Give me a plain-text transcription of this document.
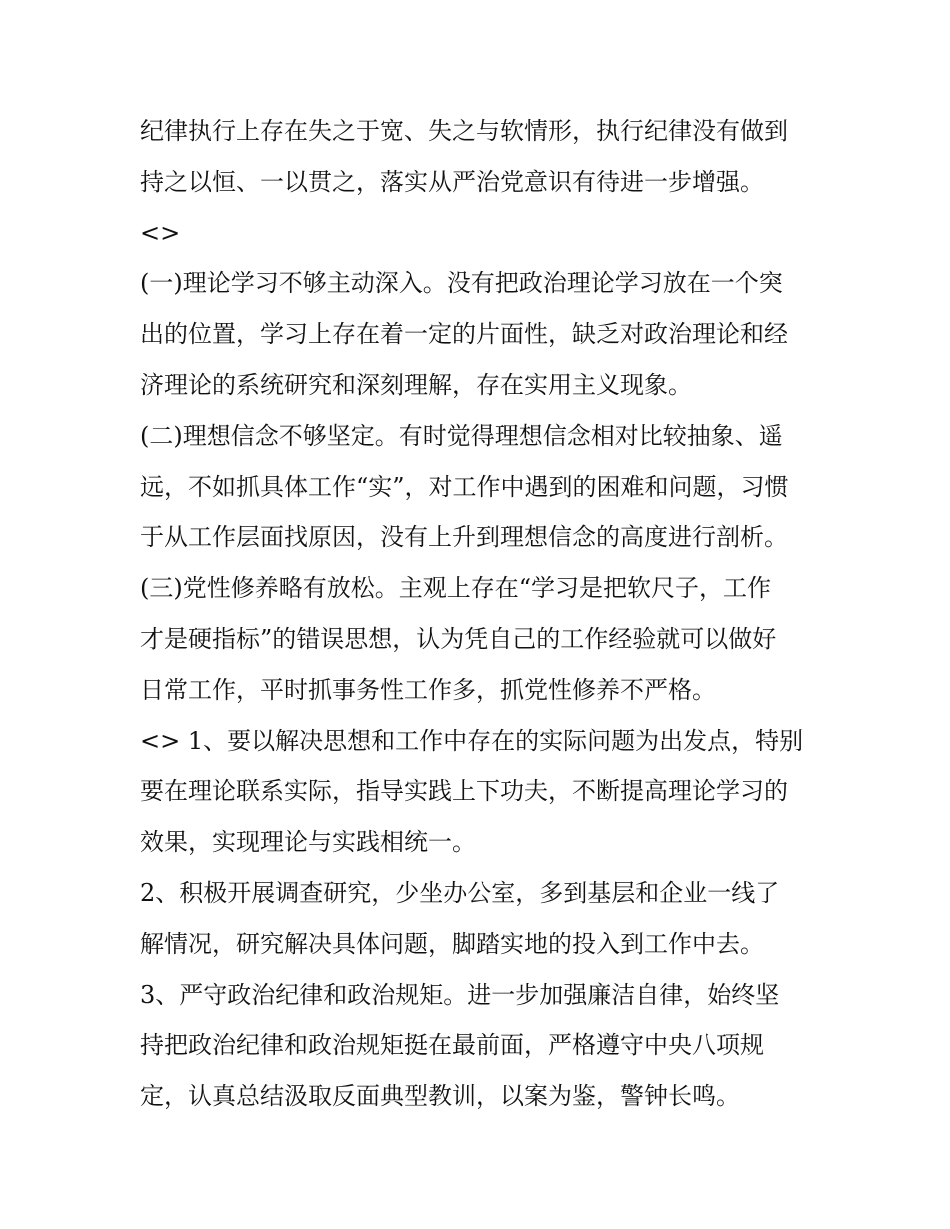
纪律执行上存在失之于宽、失之与软情形，执行纪律没有做到
持之以恒、一以贯之，落实从严治党意识有待进一步增强。

<>

(一)理论学习不够主动深入。没有把政治理论学习放在一个突
出的位置，学习上存在着一定的片面性，缺乏对政治理论和经
济理论的系统研究和深刻理解，存在实用主义现象。

(二)理想信念不够坚定。有时觉得理想信念相对比较抽象、遥
远，不如抓具体工作“实”，对工作中遇到的困难和问题，习惯
于从工作层面找原因，没有上升到理想信念的高度进行剖析。

(三)党性修养略有放松。主观上存在“学习是把软尺子，工作
才是硬指标”的错误思想，认为凭自己的工作经验就可以做好
日常工作，平时抓事务性工作多，抓党性修养不严格。

<> 1、要以解决思想和工作中存在的实际问题为出发点，特别
要在理论联系实际，指导实践上下功夫，不断提高理论学习的
效果，实现理论与实践相统一。

2、积极开展调查研究，少坐办公室，多到基层和企业一线了
解情况，研究解决具体问题，脚踏实地的投入到工作中去。

3、严守政治纪律和政治规矩。进一步加强廉洁自律，始终坚
持把政治纪律和政治规矩挺在最前面，严格遵守中央八项规
定，认真总结汲取反面典型教训，以案为鉴，警钟长鸣。
